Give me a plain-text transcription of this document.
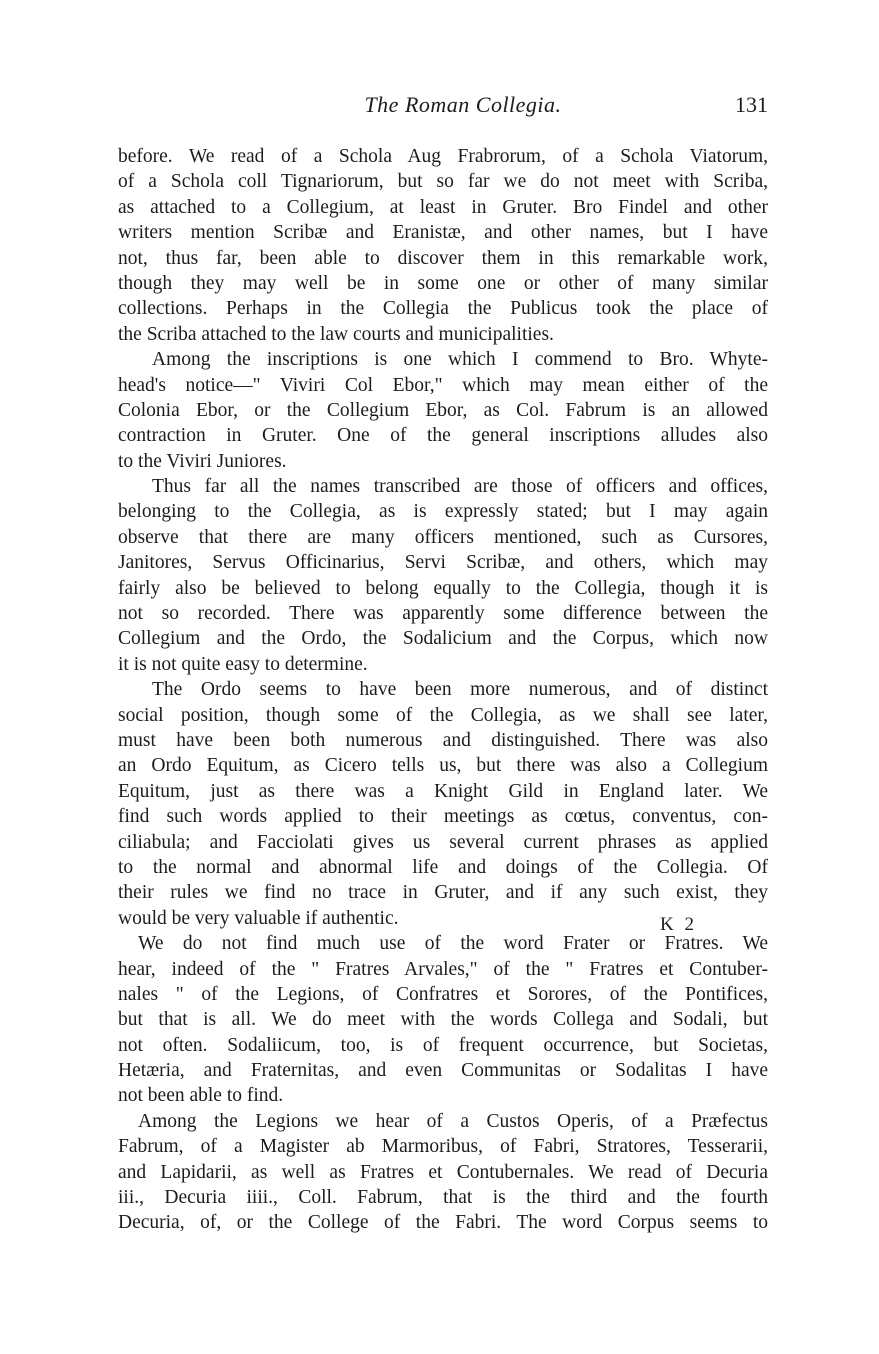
The Roman Collegia.	131
before. We read of a Schola Aug Frabrorum, of a Schola Viatorum,
of a Schola coll Tignariorum, but so far we do not meet with Scriba,
as attached to a Collegium, at least in Gruter. Bro Findel and other
writers mention Scribæ and Eranistæ, and other names, but I have
not, thus far, been able to discover them in this remarkable work,
though they may well be in some one or other of many similar
collections. Perhaps in the Collegia the Publicus took the place of
the Scriba attached to the law courts and municipalities.
Among the inscriptions is one which I commend to Bro. Whyte-
head's notice—" Viviri Col Ebor," which may mean either of the
Colonia Ebor, or the Collegium Ebor, as Col. Fabrum is an allowed
contraction in Gruter. One of the general inscriptions alludes also
to the Viviri Juniores.
Thus far all the names transcribed are those of officers and offices,
belonging to the Collegia, as is expressly stated; but I may again
observe that there are many officers mentioned, such as Cursores,
Janitores, Servus Officinarius, Servi Scribæ, and others, which may
fairly also be believed to belong equally to the Collegia, though it is
not so recorded. There was apparently some difference between the
Collegium and the Ordo, the Sodalicium and the Corpus, which now
it is not quite easy to determine.
The Ordo seems to have been more numerous, and of distinct
social position, though some of the Collegia, as we shall see later,
must have been both numerous and distinguished. There was also
an Ordo Equitum, as Cicero tells us, but there was also a Collegium
Equitum, just as there was a Knight Gild in England later. We
find such words applied to their meetings as cœtus, conventus, con-
ciliabula; and Facciolati gives us several current phrases as applied
to the normal and abnormal life and doings of the Collegia. Of
their rules we find no trace in Gruter, and if any such exist, they
would be very valuable if authentic.
We do not find much use of the word Frater or Fratres. We
hear, indeed of the " Fratres Arvales," of the " Fratres et Contuber-
nales " of the Legions, of Confratres et Sorores, of the Pontifices,
but that is all. We do meet with the words Collega and Sodali, but
not often. Sodaliicum, too, is of frequent occurrence, but Societas,
Hetæria, and Fraternitas, and even Communitas or Sodalitas I have
not been able to find.
Among the Legions we hear of a Custos Operis, of a Præfectus
Fabrum, of a Magister ab Marmoribus, of Fabri, Stratores, Tesserarii,
and Lapidarii, as well as Fratres et Contubernales. We read of Decuria
iii., Decuria iiii., Coll. Fabrum, that is the third and the fourth
Decuria, of, or the College of the Fabri. The word Corpus seems to
K 2
